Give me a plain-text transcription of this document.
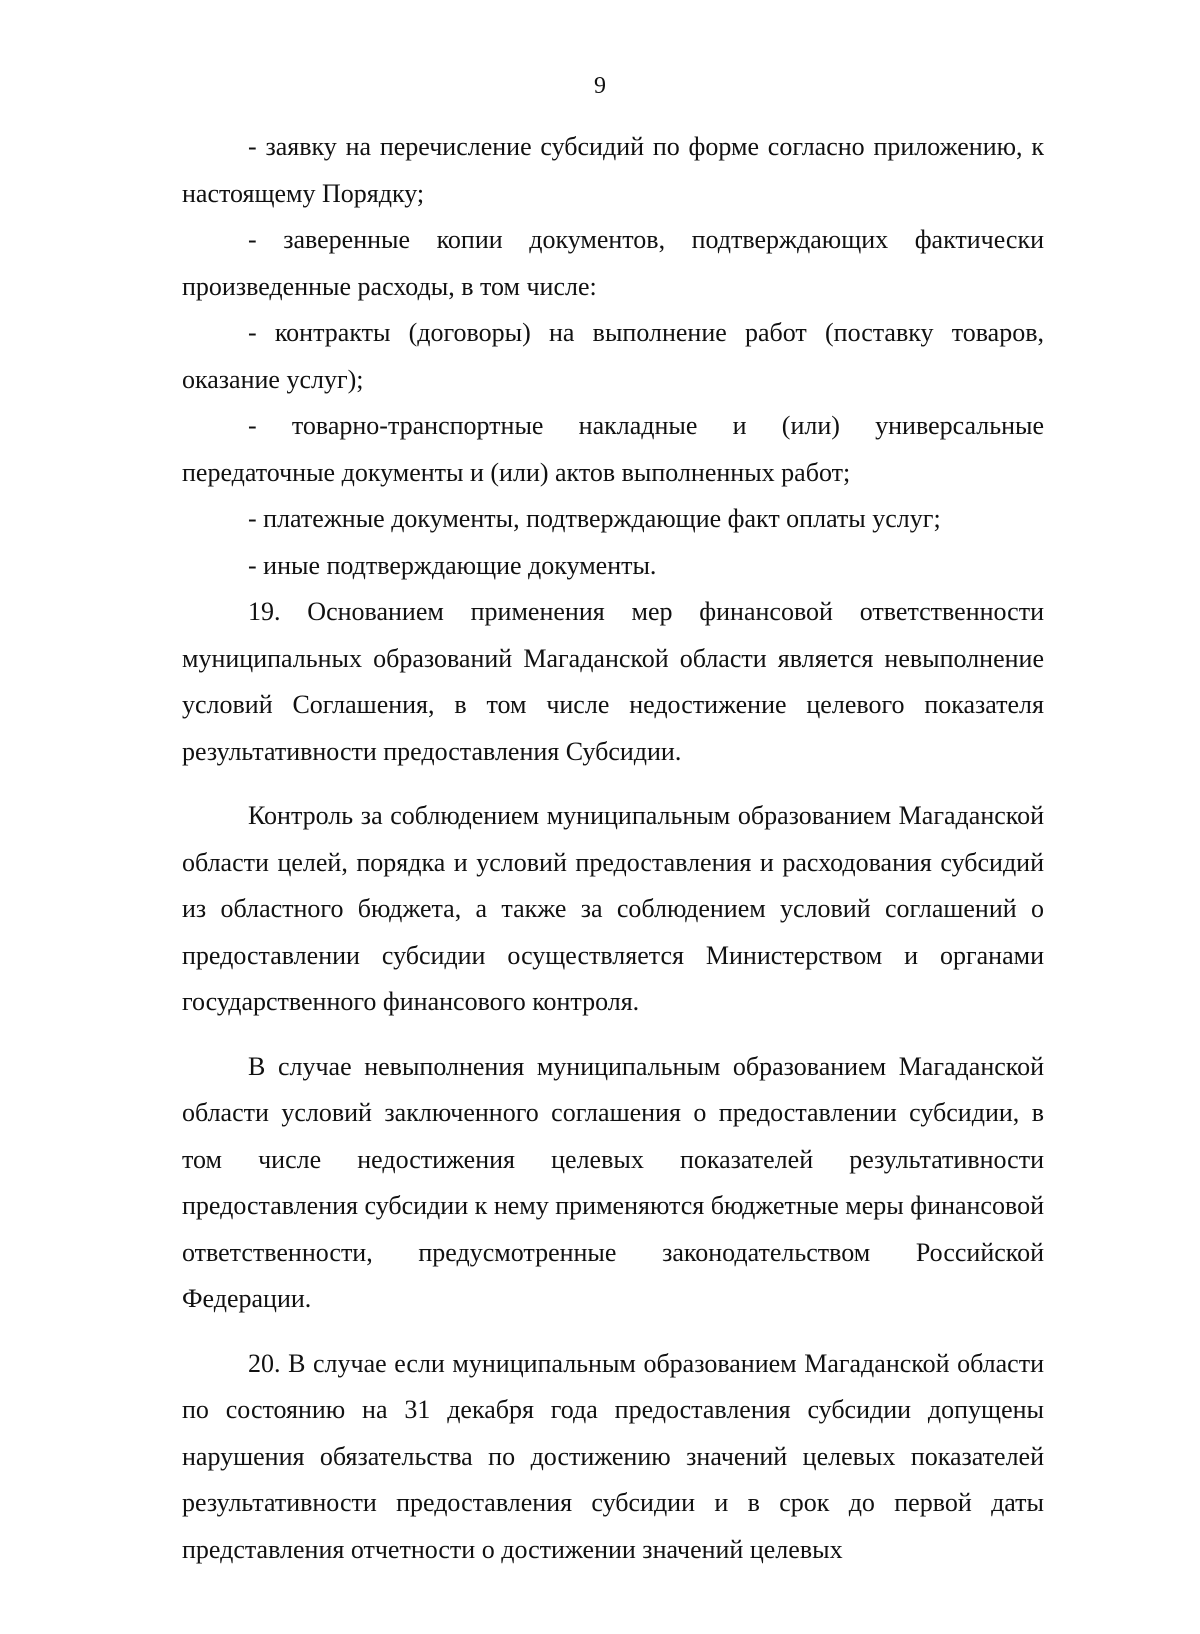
9

- заявку на перечисление субсидий по форме согласно приложению, к настоящему Порядку;

- заверенные копии документов, подтверждающих фактически произведенные расходы, в том числе:

- контракты (договоры) на выполнение работ (поставку товаров, оказание услуг);

- товарно-транспортные накладные и (или) универсальные передаточные документы и (или) актов выполненных работ;

- платежные документы, подтверждающие факт оплаты услуг;

- иные подтверждающие документы.

19. Основанием применения мер финансовой ответственности муниципальных образований Магаданской области является невыполнение условий Соглашения, в том числе недостижение целевого показателя результативности предоставления Субсидии.

Контроль за соблюдением муниципальным образованием Магаданской области целей, порядка и условий предоставления и расходования субсидий из областного бюджета, а также за соблюдением условий соглашений о предоставлении субсидии осуществляется Министерством и органами государственного финансового контроля.

В случае невыполнения муниципальным образованием Магаданской области условий заключенного соглашения о предоставлении субсидии, в том числе недостижения целевых показателей результативности предоставления субсидии к нему применяются бюджетные меры финансовой ответственности, предусмотренные законодательством Российской Федерации.

20. В случае если муниципальным образованием Магаданской области по состоянию на 31 декабря года предоставления субсидии допущены нарушения обязательства по достижению значений целевых показателей результативности предоставления субсидии и в срок до первой даты представления отчетности о достижении значений целевых
